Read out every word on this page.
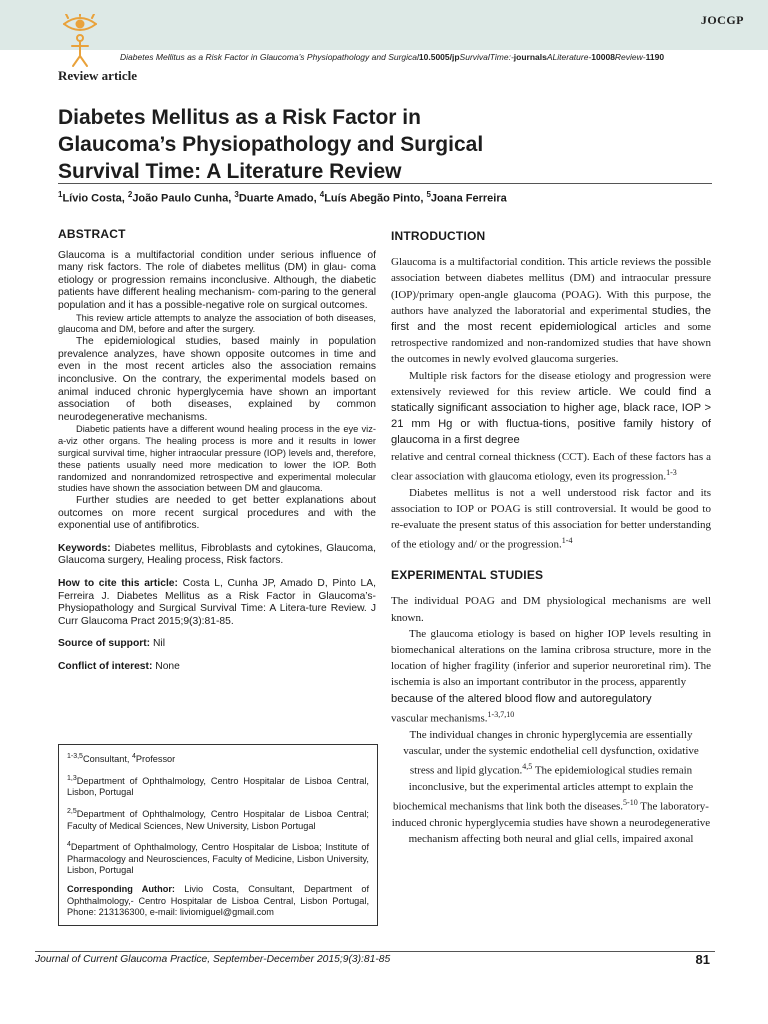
JOCGP
Diabetes Mellitus as a Risk Factor in Glaucoma’s Physiopathology and Surgical10.5005/jpSurvivalTime:-journalsALiterature-10008Review-1190
Review article
Diabetes Mellitus as a Risk Factor in
Glaucoma’s Physiopathology and Surgical
Survival Time: A Literature Review
$^1$Lívio Costa, $^2$João Paulo Cunha, $^3$Duarte Amado, $^4$Luís Abegão Pinto, $^5$Joana Ferreira
ABSTRACT

Glaucoma is a multifactorial condition under serious influence of many risk factors. The role of diabetes mellitus (DM) in glau- coma etiology or progression remains inconclusive. Although, the diabetic patients have different healing mechanism- com-paring to the general population and it has a possible-negative role on surgical outcomes.

This review article attempts to analyze the association of both diseases, glaucoma and DM, before and after the surgery.

The epidemiological studies, based mainly in population prevalence analyzes, have shown opposite outcomes in time and even in the most recent articles also the association remains inconclusive. On the contrary, the experimental models based on animal induced chronic hyperglycemia have shown an important association of both diseases, explained by common neurodegenerative mechanisms.

Diabetic patients have a different wound healing process in the eye viz-a-viz other organs. The healing process is more and it results in lower surgical survival time, higher intraocular pressure (IOP) levels and, therefore, these patients usually need more medication to lower the IOP. Both randomized and nonrandomized retrospective and experimental molecular studies have shown the association between DM and glaucoma.

Further studies are needed to get better explanations about outcomes on more recent surgical procedures and with the exponential use of antifibrotics.

Keywords: Diabetes mellitus, Fibroblasts and cytokines, Glaucoma, Glaucoma surgery, Healing process, Risk factors.

How to cite this article: Costa L, Cunha JP, Amado D, Pinto LA, Ferreira J. Diabetes Mellitus as a Risk Factor in Glaucoma’s- Physiopathology and Surgical Survival Time: A Litera-ture Review. J Curr Glaucoma Pract 2015;9(3):81-85.

Source of support: Nil

Conflict of interest: None

$^{1-3,5}$Consultant, $^4$Professor

$^{1,3}$Department of Ophthalmology, Centro Hospitalar de Lisboa Central, Lisbon, Portugal

$^{2,5}$Department of Ophthalmology, Centro Hospitalar de Lisboa Central; Faculty of Medical Sciences, New University, Lisbon Portugal

$^4$Department of Ophthalmology, Centro Hospitalar de Lisboa; Institute of Pharmacology and Neurosciences, Faculty of Medicine, Lisbon University, Lisbon, Portugal

Corresponding Author: Livio Costa, Consultant, Department of Ophthalmology,- Centro Hospitalar de Lisboa Central, Lisbon Portugal, Phone: 213136300, e-mail: liviomiguel@gmail.com

INTRODUCTION

Glaucoma is a multifactorial condition. This article reviews the possible association between diabetes mellitus (DM) and intraocular pressure (IOP)/primary open-angle glaucoma (POAG). With this purpose, the authors have analyzed the laboratorial and experimental studies, the first and the most recent epidemiological articles and some retrospective randomized and non-randomized studies that have shown the outcomes in newly evolved glaucoma surgeries.

Multiple risk factors for the disease etiology and progression were extensively reviewed for this review article. We could find a statically significant association to higher age, black race, IOP > 21 mm Hg or with fluctua-tions, positive family history of glaucoma in a first degree

relative and central corneal thickness (CCT). Each of these factors has a clear association with glaucoma etiology, even its progression.$^{1-3}$

Diabetes mellitus is not a well understood risk factor and its association to IOP or POAG is still controversial. It would be good to re-evaluate the present status of this association for better understanding of the etiology and/ or the progression.$^{1-4}$

EXPERIMENTAL STUDIES

The individual POAG and DM physiological mechanisms are well known.

The glaucoma etiology is based on higher IOP levels resulting in biomechanical alterations on the lamina cribrosa structure, more in the location of higher fragility (inferior and superior neuroretinal rim). The ischemia is also an important contributor in the process, apparently
because of the altered blood flow and autoregulatory
vascular mechanisms.$^{1-3,7,10}$

The individual changes in chronic hyperglycemia are essentially vascular, under the systemic endothelial cell dysfunction, oxidative stress and lipid glycation.$^{4,5}$ The epidemiological studies remain inconclusive, but the experimental articles attempt to explain the biochemical mechanisms that link both the diseases.$^{5-10}$ The laboratory-induced chronic hyperglycemia studies have shown a neurodegenerative mechanism affecting both neural and glial cells, impaired axonal

Journal of Current Glaucoma Practice, September-December 2015;9(3):81-85	81
